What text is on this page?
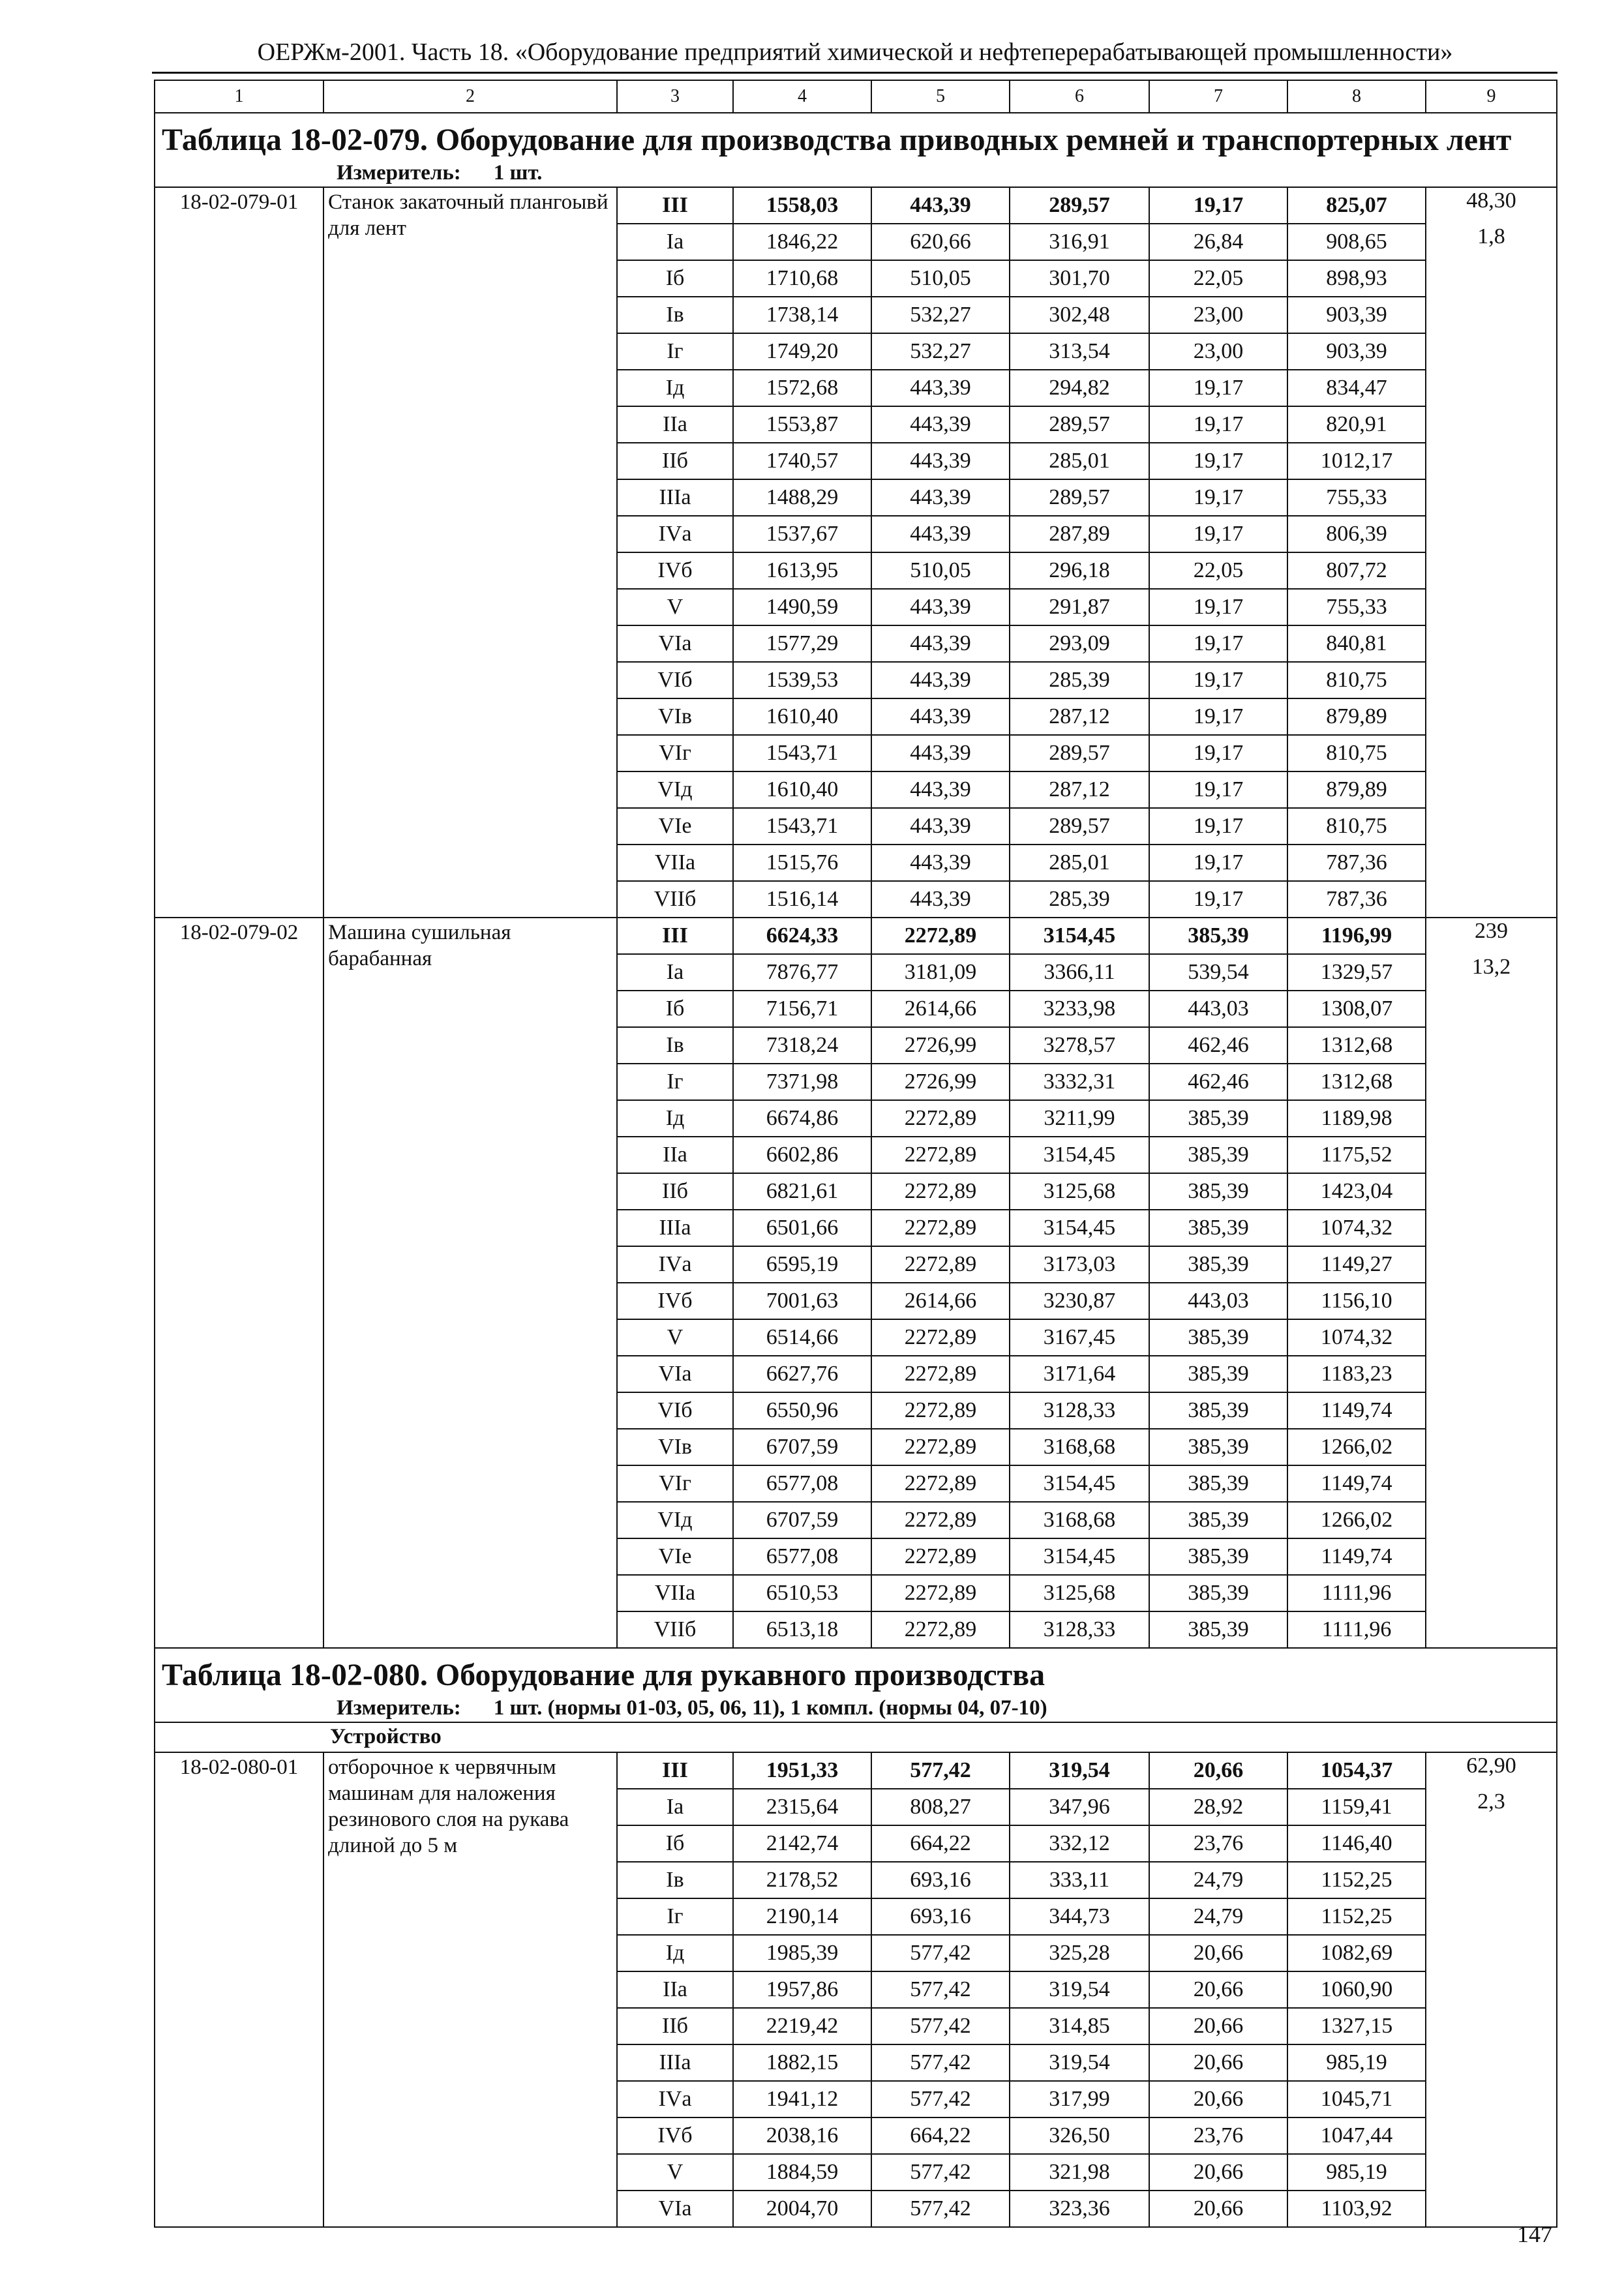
ОЕРЖм-2001. Часть 18. «Оборудование предприятий химической и нефтеперерабатывающей промышленности»
1	2	3	4	5	6	7	8	9

Таблица 18-02-079. Оборудование для производства приводных ремней и транспортерных лент
Измеритель: 1 шт.								

18-02-079-01	Станок закаточный плангоывй для лент	III	1558,03	443,39	289,57	19,17	825,07	48,30
		Iа	1846,22	620,66	316,91	26,84	908,65	1,8
		Iб	1710,68	510,05	301,70	22,05	898,93	
		Iв	1738,14	532,27	302,48	23,00	903,39	
		Iг	1749,20	532,27	313,54	23,00	903,39	
		Iд	1572,68	443,39	294,82	19,17	834,47	
		IIа	1553,87	443,39	289,57	19,17	820,91	
		IIб	1740,57	443,39	285,01	19,17	1012,17	
		IIIа	1488,29	443,39	289,57	19,17	755,33	
		IVа	1537,67	443,39	287,89	19,17	806,39	
		IVб	1613,95	510,05	296,18	22,05	807,72	
		V	1490,59	443,39	291,87	19,17	755,33	
		VIа	1577,29	443,39	293,09	19,17	840,81	
		VIб	1539,53	443,39	285,39	19,17	810,75	
		VIв	1610,40	443,39	287,12	19,17	879,89	
		VIг	1543,71	443,39	289,57	19,17	810,75	
		VIд	1610,40	443,39	287,12	19,17	879,89	
		VIе	1543,71	443,39	289,57	19,17	810,75	
		VIIа	1515,76	443,39	285,01	19,17	787,36	
		VIIб	1516,14	443,39	285,39	19,17	787,36	
18-02-079-02	Машина сушильная барабанная	III	6624,33	2272,89	3154,45	385,39	1196,99	239
		Iа	7876,77	3181,09	3366,11	539,54	1329,57	13,2
		Iб	7156,71	2614,66	3233,98	443,03	1308,07	
		Iв	7318,24	2726,99	3278,57	462,46	1312,68	
		Iг	7371,98	2726,99	3332,31	462,46	1312,68	
		Iд	6674,86	2272,89	3211,99	385,39	1189,98	
		IIа	6602,86	2272,89	3154,45	385,39	1175,52	
		IIб	6821,61	2272,89	3125,68	385,39	1423,04	
		IIIа	6501,66	2272,89	3154,45	385,39	1074,32	
		IVа	6595,19	2272,89	3173,03	385,39	1149,27	
		IVб	7001,63	2614,66	3230,87	443,03	1156,10	
		V	6514,66	2272,89	3167,45	385,39	1074,32	
		VIа	6627,76	2272,89	3171,64	385,39	1183,23	
		VIб	6550,96	2272,89	3128,33	385,39	1149,74	
		VIв	6707,59	2272,89	3168,68	385,39	1266,02	
		VIг	6577,08	2272,89	3154,45	385,39	1149,74	
		VIд	6707,59	2272,89	3168,68	385,39	1266,02	
		VIе	6577,08	2272,89	3154,45	385,39	1149,74	
		VIIа	6510,53	2272,89	3125,68	385,39	1111,96	
		VIIб	6513,18	2272,89	3128,33	385,39	1111,96	

Таблица 18-02-080. Оборудование для рукавного производства
Измеритель: 1 шт. (нормы 01-03, 05, 06, 11), 1 компл. (нормы 04, 07-10)								

Устройство								

18-02-080-01	отборочное к червячным машинам для наложения резинового слоя на рукава длиной до 5 м	III	1951,33	577,42	319,54	20,66	1054,37	62,90
		Iа	2315,64	808,27	347,96	28,92	1159,41	2,3
		Iб	2142,74	664,22	332,12	23,76	1146,40	
		Iв	2178,52	693,16	333,11	24,79	1152,25	
		Iг	2190,14	693,16	344,73	24,79	1152,25	
		Iд	1985,39	577,42	325,28	20,66	1082,69	
		IIа	1957,86	577,42	319,54	20,66	1060,90	
		IIб	2219,42	577,42	314,85	20,66	1327,15	
		IIIа	1882,15	577,42	319,54	20,66	985,19	
		IVа	1941,12	577,42	317,99	20,66	1045,71	
		IVб	2038,16	664,22	326,50	23,76	1047,44	
		V	1884,59	577,42	321,98	20,66	985,19	
		VIа	2004,70	577,42	323,36	20,66	1103,92	
147
